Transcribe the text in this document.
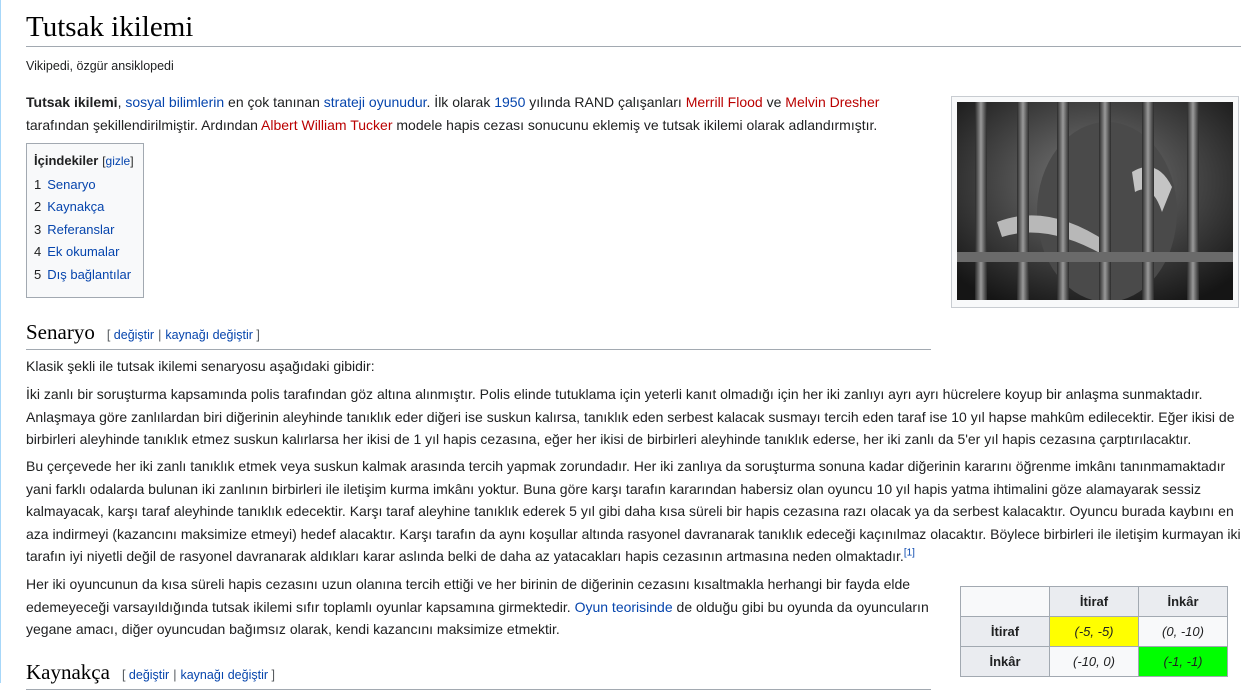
Tutsak ikilemi
Vikipedi, özgür ansiklopedi

Tutsak ikilemi, sosyal bilimlerin en çok tanınan strateji oyunudur. İlk olarak 1950 yılında RAND çalışanları Merrill Flood ve Melvin Dresher tarafından şekillendirilmiştir. Ardından Albert William Tucker modele hapis cezası sonucunu eklemiş ve tutsak ikilemi olarak adlandırmıştır.

İçindekiler [gizle]
1 Senaryo
2 Kaynakça
3 Referanslar
4 Ek okumalar
5 Dış bağlantılar
Senaryo [ değiştir | kaynağı değiştir ]

Klasik şekli ile tutsak ikilemi senaryosu aşağıdaki gibidir:

İki zanlı bir soruşturma kapsamında polis tarafından göz altına alınmıştır. Polis elinde tutuklama için yeterli kanıt olmadığı için her iki zanlıyı ayrı ayrı hücrelere koyup bir anlaşma sunmaktadır. Anlaşmaya göre zanlılardan biri diğerinin aleyhinde tanıklık eder diğeri ise suskun kalırsa, tanıklık eden serbest kalacak susmayı tercih eden taraf ise 10 yıl hapse mahkûm edilecektir. Eğer ikisi de birbirleri aleyhinde tanıklık etmez suskun kalırlarsa her ikisi de 1 yıl hapis cezasına, eğer her ikisi de birbirleri aleyhinde tanıklık ederse, her iki zanlı da 5'er yıl hapis cezasına çarptırılacaktır.

Bu çerçevede her iki zanlı tanıklık etmek veya suskun kalmak arasında tercih yapmak zorundadır. Her iki zanlıya da soruşturma sonuna kadar diğerinin kararını öğrenme imkânı tanınmamaktadır yani farklı odalarda bulunan iki zanlının birbirleri ile iletişim kurma imkânı yoktur. Buna göre karşı tarafın kararından habersiz olan oyuncu 10 yıl hapis yatma ihtimalini göze alamayarak sessiz kalmayacak, karşı taraf aleyhinde tanıklık edecektir. Karşı taraf aleyhine tanıklık ederek 5 yıl gibi daha kısa süreli bir hapis cezasına razı olacak ya da serbest kalacaktır. Oyuncu burada kaybını en aza indirmeyi (kazancını maksimize etmeyi) hedef alacaktır. Karşı tarafın da aynı koşullar altında rasyonel davranarak tanıklık edeceği kaçınılmaz olacaktır. Böylece birbirleri ile iletişim kurmayan iki tarafın iyi niyetli değil de rasyonel davranarak aldıkları karar aslında belki de daha az yatacakları hapis cezasının artmasına neden olmaktadır.[1]

Her iki oyuncunun da kısa süreli hapis cezasını uzun olanına tercih ettiği ve her birinin de diğerinin cezasını kısaltmakla herhangi bir fayda elde edemeyeceği varsayıldığında tutsak ikilemi sıfır toplamlı oyunlar kapsamına girmektedir. Oyun teorisinde de olduğu gibi bu oyunda da oyuncuların yegane amacı, diğer oyuncudan bağımsız olarak, kendi kazancını maksimize etmektir.

Kaynakça [ değiştir | kaynağı değiştir ]
	İtiraf	İnkâr
İtiraf	(-5, -5)	(0, -10)
İnkâr	(-10, 0)	(-1, -1)
